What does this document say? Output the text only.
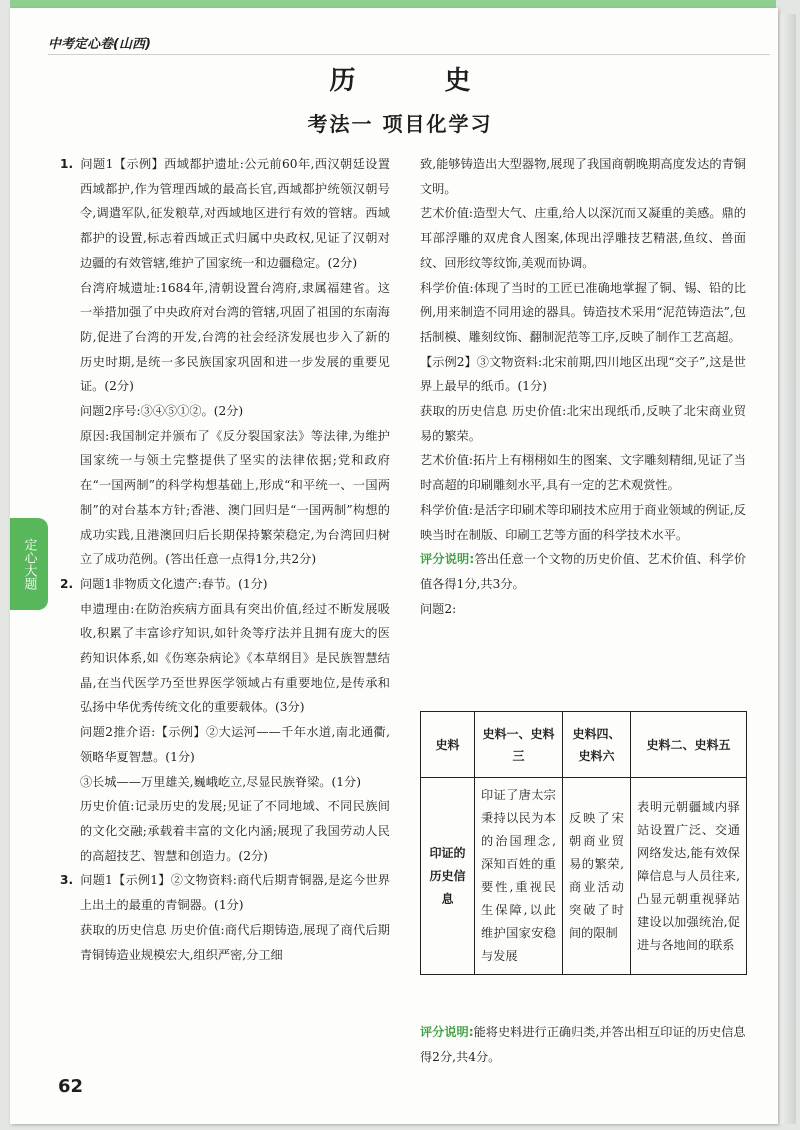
中考定心卷(山西)
历 史
考法一 项目化学习
定心大题

1. 问题1【示例】西域都护遗址:公元前60年,西汉朝廷设置西域都护,作为管理西域的最高长官,西域都护统领汉朝号令,调遣军队,征发粮草,对西域地区进行有效的管辖。西域都护的设置,标志着西域正式归属中央政权,见证了汉朝对边疆的有效管辖,维护了国家统一和边疆稳定。(2分)

台湾府城遗址:1684年,清朝设置台湾府,隶属福建省。这一举措加强了中央政府对台湾的管辖,巩固了祖国的东南海防,促进了台湾的开发,台湾的社会经济发展也步入了新的历史时期,是统一多民族国家巩固和进一步发展的重要见证。(2分)

问题2序号:③④⑤①②。(2分)

原因:我国制定并颁布了《反分裂国家法》等法律,为维护国家统一与领土完整提供了坚实的法律依据;党和政府在“一国两制”的科学构想基础上,形成“和平统一、一国两制”的对台基本方针;香港、澳门回归是“一国两制”构想的成功实践,且港澳回归后长期保持繁荣稳定,为台湾回归树立了成功范例。(答出任意一点得1分,共2分)

2. 问题1非物质文化遗产:春节。(1分)

申遗理由:在防治疾病方面具有突出价值,经过不断发展吸收,积累了丰富诊疗知识,如针灸等疗法并且拥有庞大的医药知识体系,如《伤寒杂病论》《本草纲目》是民族智慧结晶,在当代医学乃至世界医学领域占有重要地位,是传承和弘扬中华优秀传统文化的重要载体。(3分)

问题2推介语:【示例】②大运河——千年水道,南北通衢,领略华夏智慧。(1分)

③长城——万里雄关,巍峨屹立,尽显民族脊梁。(1分)

历史价值:记录历史的发展;见证了不同地域、不同民族间的文化交融;承载着丰富的文化内涵;展现了我国劳动人民的高超技艺、智慧和创造力。(2分)

3. 问题1【示例1】②文物资料:商代后期青铜器,是迄今世界上出土的最重的青铜器。(1分)

获取的历史信息 历史价值:商代后期铸造,展现了商代后期青铜铸造业规模宏大,组织严密,分工细

致,能够铸造出大型器物,展现了我国商朝晚期高度发达的青铜文明。

艺术价值:造型大气、庄重,给人以深沉而又凝重的美感。鼎的耳部浮雕的双虎食人图案,体现出浮雕技艺精湛,鱼纹、兽面纹、回形纹等纹饰,美观而协调。

科学价值:体现了当时的工匠已准确地掌握了铜、锡、铅的比例,用来制造不同用途的器具。铸造技术采用“泥范铸造法”,包括制模、雕刻纹饰、翻制泥范等工序,反映了制作工艺高超。

【示例2】③文物资料:北宋前期,四川地区出现“交子”,这是世界上最早的纸币。(1分)

获取的历史信息 历史价值:北宋出现纸币,反映了北宋商业贸易的繁荣。

艺术价值:拓片上有栩栩如生的图案、文字雕刻精细,见证了当时高超的印刷雕刻水平,具有一定的艺术观赏性。

科学价值:是活字印刷术等印刷技术应用于商业领域的例证,反映当时在制版、印刷工艺等方面的科学技术水平。

评分说明:答出任意一个文物的历史价值、艺术价值、科学价值各得1分,共3分。

问题2:

史料	史料一、史料三	史料四、史料六	史料二、史料五
印证的历史信息	印证了唐太宗秉持以民为本的治国理念,深知百姓的重要性,重视民生保障,以此维护国家安稳与发展	反映了宋朝商业贸易的繁荣,商业活动突破了时间的限制	表明元朝疆域内驿站设置广泛、交通网络发达,能有效保障信息与人员往来,凸显元朝重视驿站建设以加强统治,促进与各地间的联系
评分说明:能将史料进行正确归类,并答出相互印证的历史信息得2分,共4分。
62
